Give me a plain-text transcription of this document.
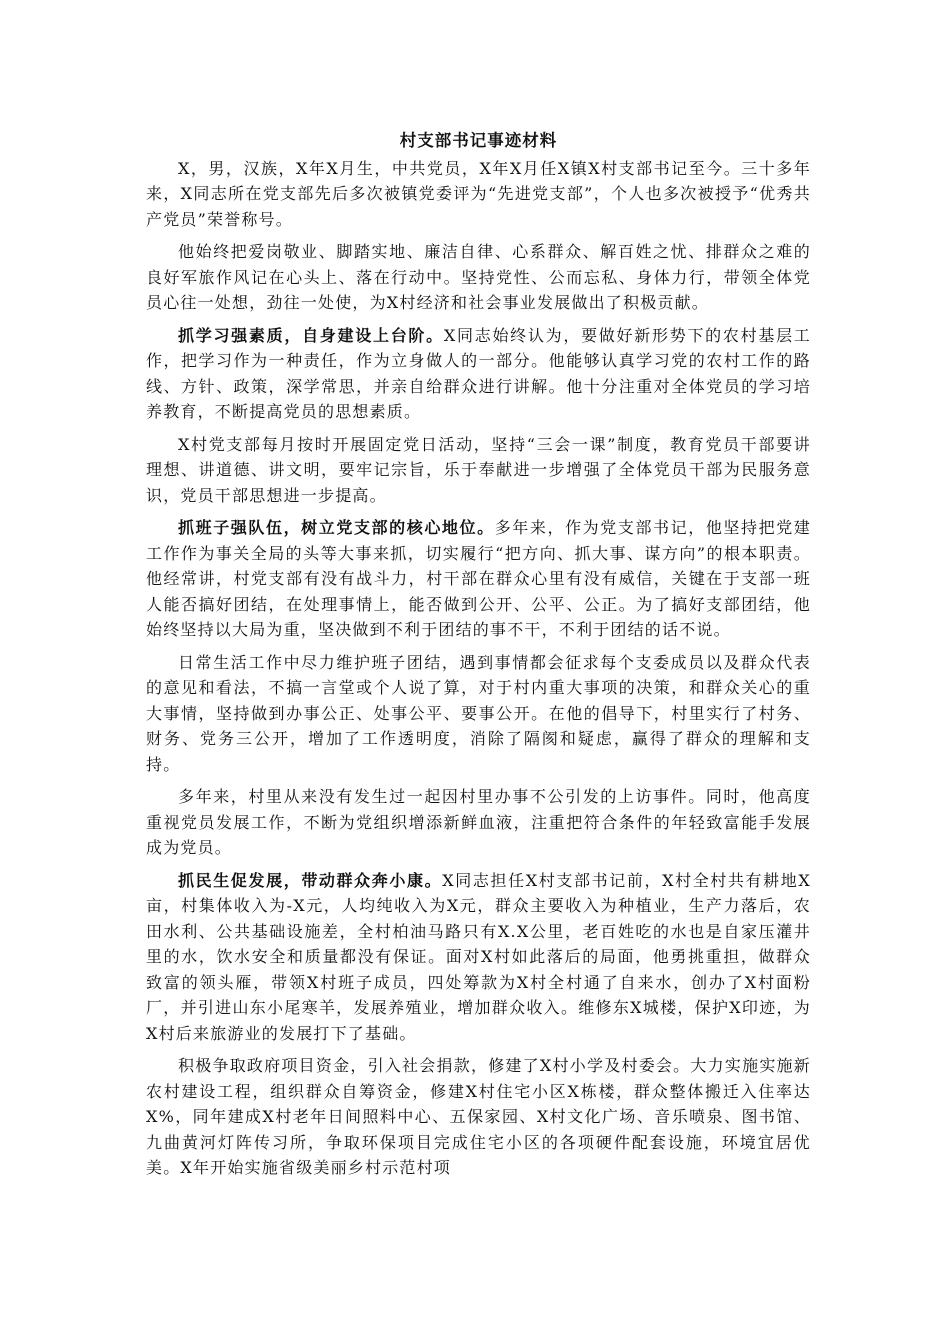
村支部书记事迹材料

X，男，汉族，X年X月生，中共党员，X年X月任X镇X村支部书记至今。三十多年来，X同志所在党支部先后多次被镇党委评为“先进党支部”，个人也多次被授予“优秀共产党员”荣誉称号。

他始终把爱岗敬业、脚踏实地、廉洁自律、心系群众、解百姓之忧、排群众之难的良好军旅作风记在心头上、落在行动中。坚持党性、公而忘私、身体力行，带领全体党员心往一处想，劲往一处使，为X村经济和社会事业发展做出了积极贡献。

抓学习强素质，自身建设上台阶。X同志始终认为，要做好新形势下的农村基层工作，把学习作为一种责任，作为立身做人的一部分。他能够认真学习党的农村工作的路线、方针、政策，深学常思，并亲自给群众进行讲解。他十分注重对全体党员的学习培养教育，不断提高党员的思想素质。

X村党支部每月按时开展固定党日活动，坚持“三会一课”制度，教育党员干部要讲理想、讲道德、讲文明，要牢记宗旨，乐于奉献进一步增强了全体党员干部为民服务意识，党员干部思想进一步提高。

抓班子强队伍，树立党支部的核心地位。多年来，作为党支部书记，他坚持把党建工作作为事关全局的头等大事来抓，切实履行“把方向、抓大事、谋方向”的根本职责。他经常讲，村党支部有没有战斗力，村干部在群众心里有没有威信，关键在于支部一班人能否搞好团结，在处理事情上，能否做到公开、公平、公正。为了搞好支部团结，他始终坚持以大局为重，坚决做到不利于团结的事不干，不利于团结的话不说。

日常生活工作中尽力维护班子团结，遇到事情都会征求每个支委成员以及群众代表的意见和看法，不搞一言堂或个人说了算，对于村内重大事项的决策，和群众关心的重大事情，坚持做到办事公正、处事公平、要事公开。在他的倡导下，村里实行了村务、财务、党务三公开，增加了工作透明度，消除了隔阂和疑虑，赢得了群众的理解和支持。

多年来，村里从来没有发生过一起因村里办事不公引发的上访事件。同时，他高度重视党员发展工作，不断为党组织增添新鲜血液，注重把符合条件的年轻致富能手发展成为党员。

抓民生促发展，带动群众奔小康。X同志担任X村支部书记前，X村全村共有耕地X亩，村集体收入为-X元，人均纯收入为X元，群众主要收入为种植业，生产力落后，农田水利、公共基础设施差，全村柏油马路只有X.X公里，老百姓吃的水也是自家压灌井里的水，饮水安全和质量都没有保证。面对X村如此落后的局面，他勇挑重担，做群众致富的领头雁，带领X村班子成员，四处筹款为X村全村通了自来水，创办了X村面粉厂，并引进山东小尾寒羊，发展养殖业，增加群众收入。维修东X城楼，保护X印迹，为X村后来旅游业的发展打下了基础。

积极争取政府项目资金，引入社会捐款，修建了X村小学及村委会。大力实施实施新农村建设工程，组织群众自筹资金，修建X村住宅小区X栋楼，群众整体搬迁入住率达X%，同年建成X村老年日间照料中心、五保家园、X村文化广场、音乐喷泉、图书馆、九曲黄河灯阵传习所，争取环保项目完成住宅小区的各项硬件配套设施，环境宜居优美。X年开始实施省级美丽乡村示范村项
